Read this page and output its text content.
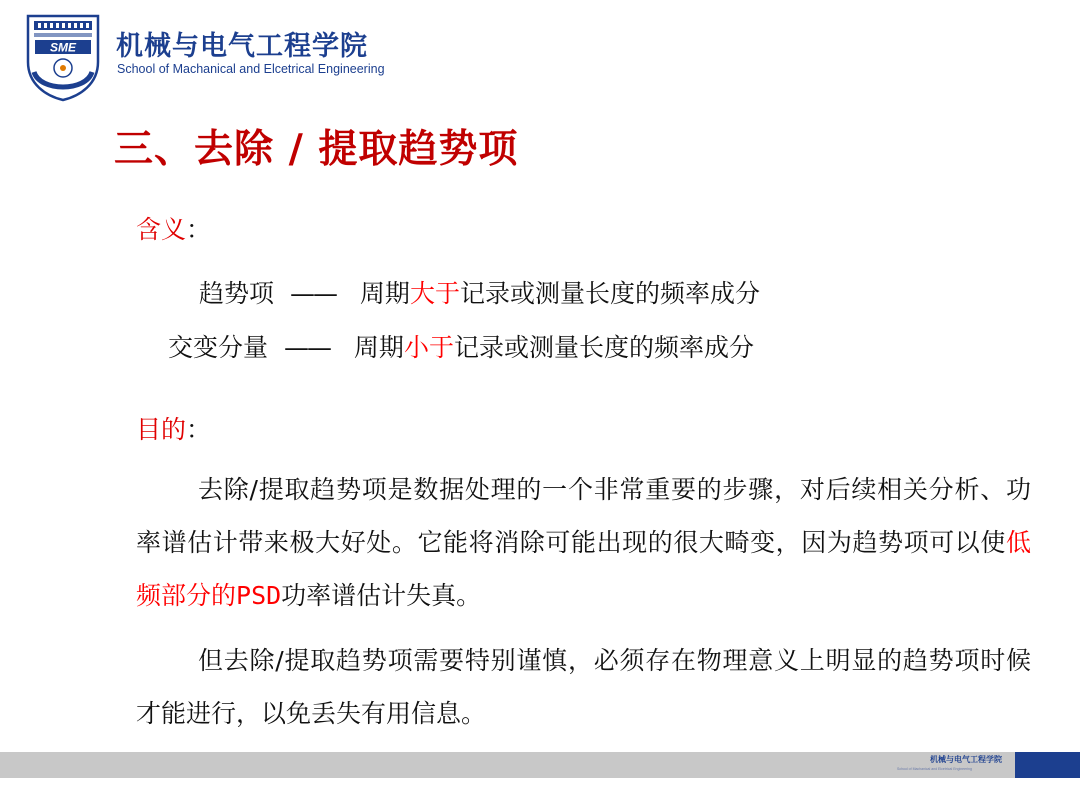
SME 机械与电气工程学院
School of Machanical and Elcetrical Engineering
三、去除 / 提取趋势项
含义：
趋势项 —— 周期大于记录或测量长度的频率成分
交变分量 —— 周期小于记录或测量长度的频率成分
目的：
去除/提取趋势项是数据处理的一个非常重要的步骤，对后续相关分析、功率谱估计带来极大好处。它能将消除可能出现的很大畸变，因为趋势项可以使低频部分的PSD功率谱估计失真。
但去除/提取趋势项需要特别谨慎，必须存在物理意义上明显的趋势项时候才能进行，以免丢失有用信息。
机械与电气工程学院
School of Machanical and Elcetrical Engineering
